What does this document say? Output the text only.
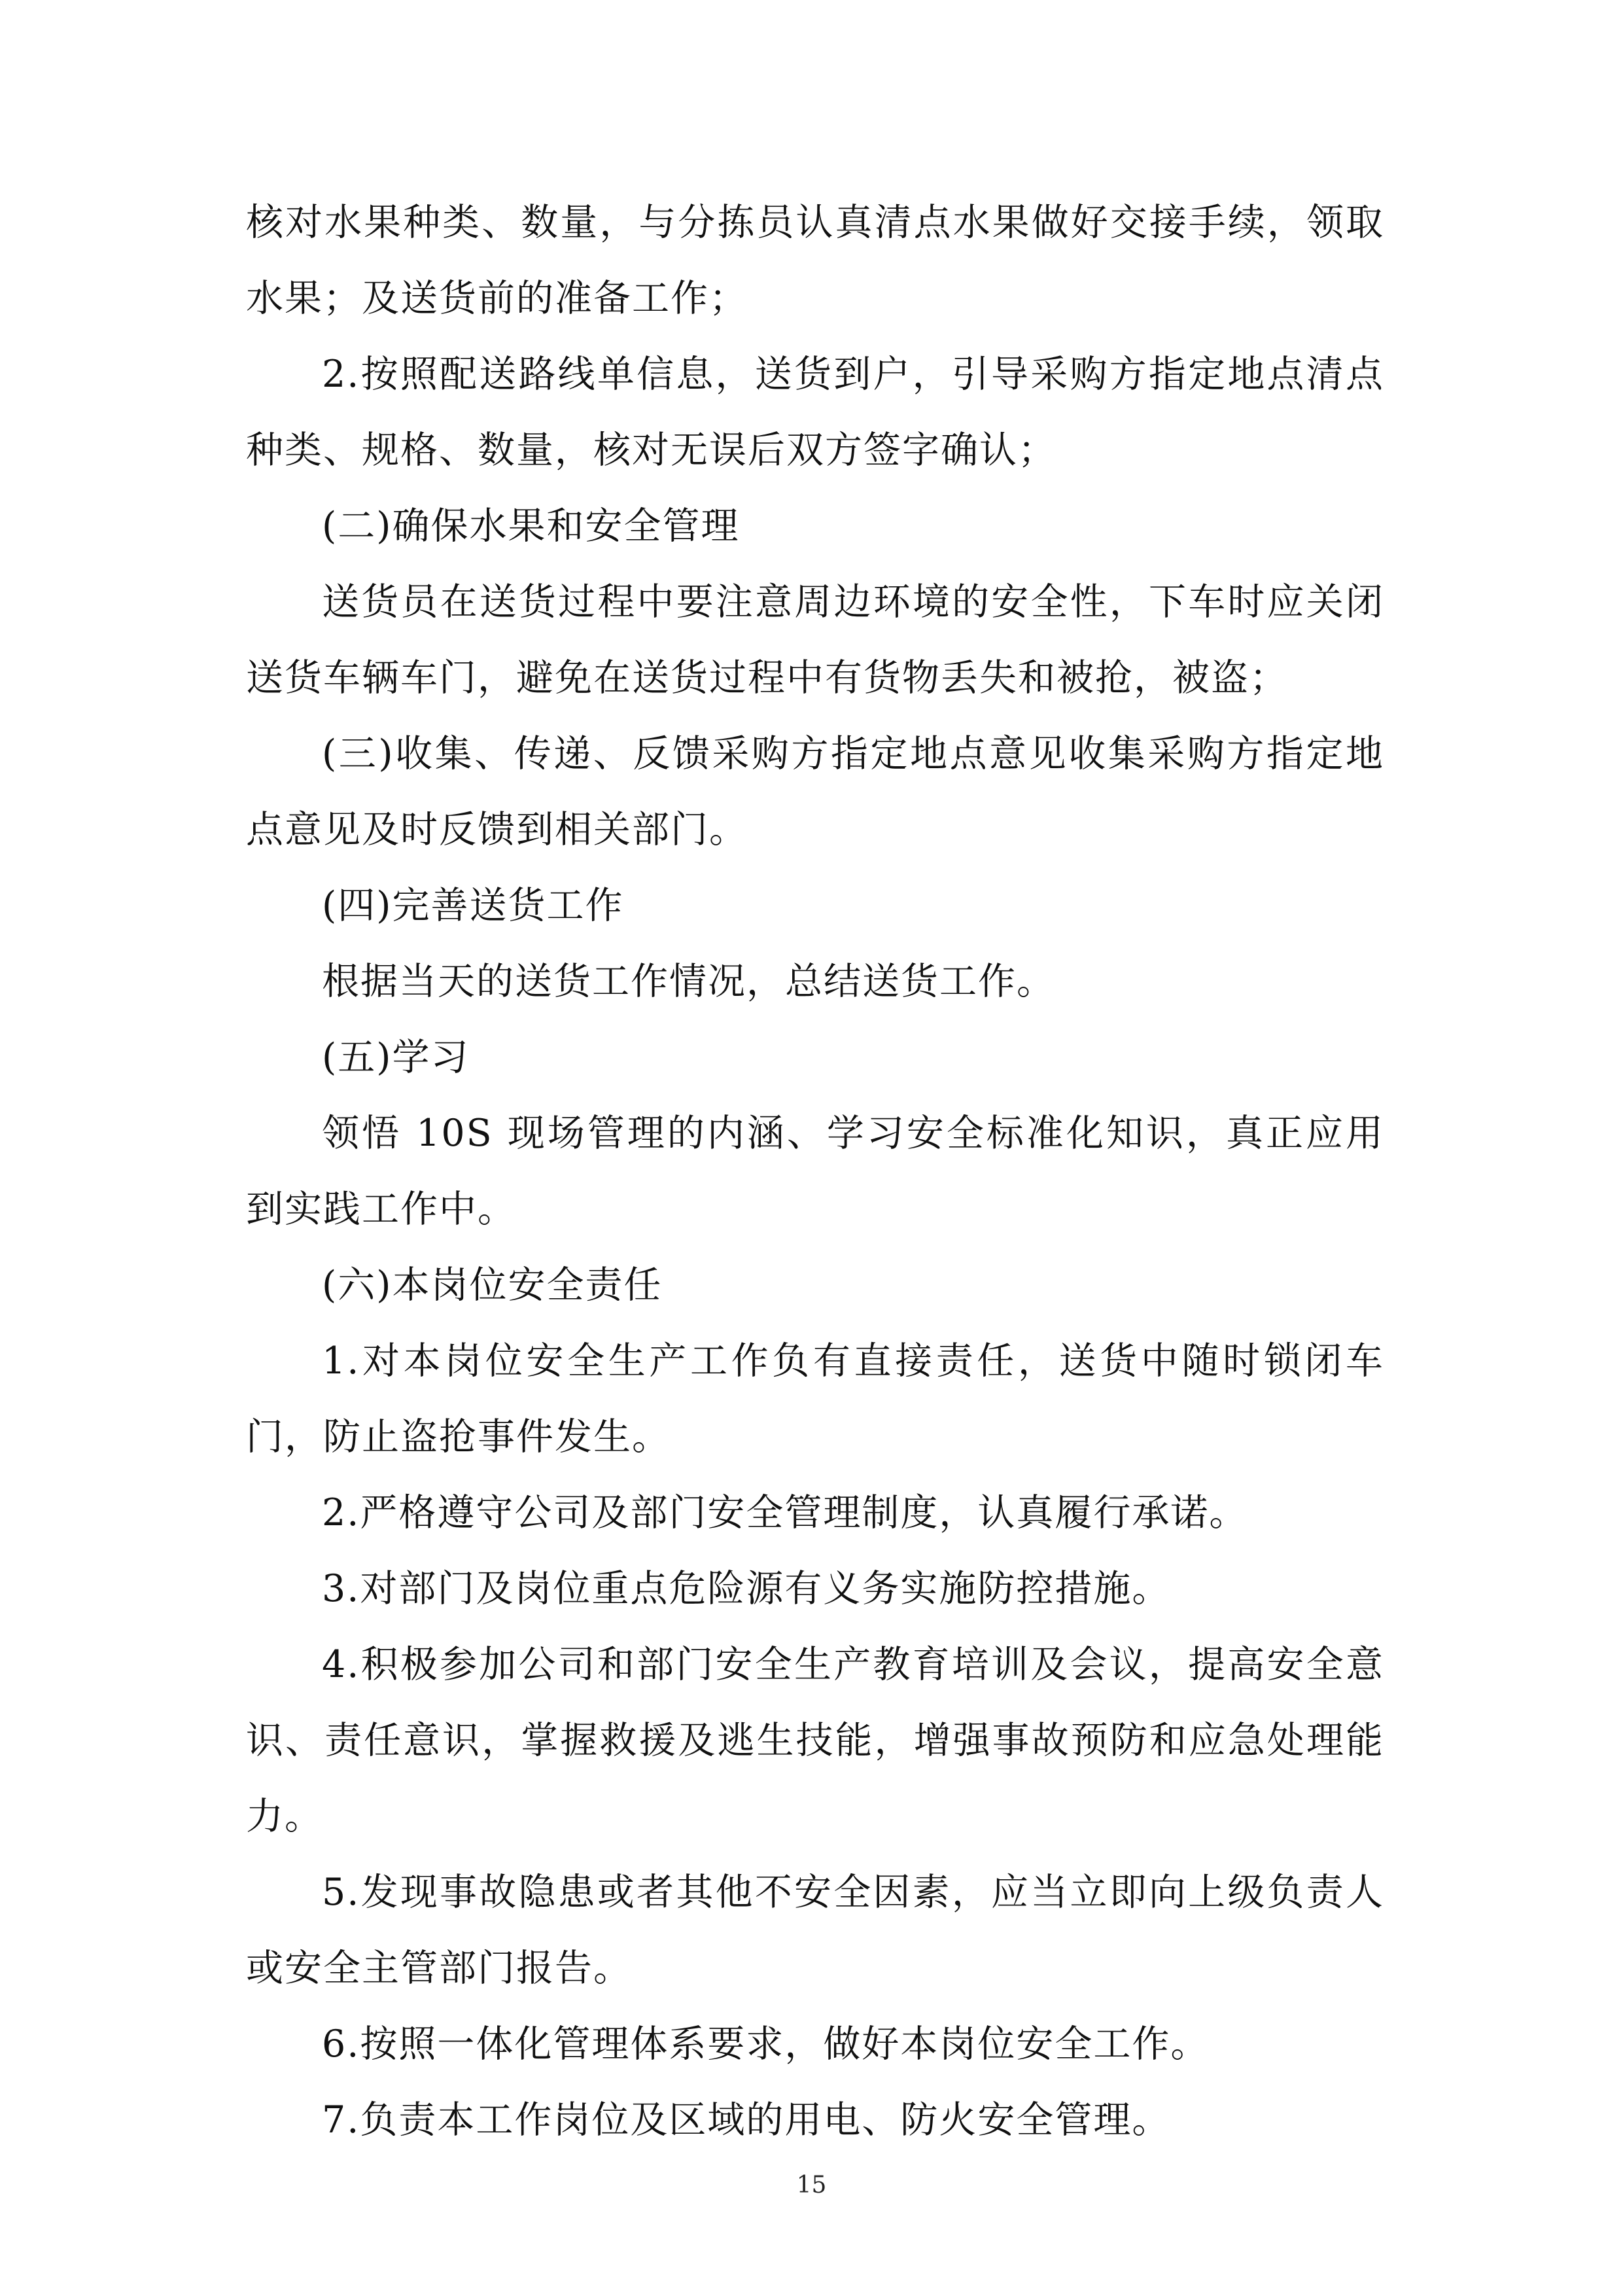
核对水果种类、数量，与分拣员认真清点水果做好交接手续，领取水果；及送货前的准备工作；

2.按照配送路线单信息，送货到户，引导采购方指定地点清点种类、规格、数量，核对无误后双方签字确认；

(二)确保水果和安全管理

送货员在送货过程中要注意周边环境的安全性，下车时应关闭送货车辆车门，避免在送货过程中有货物丢失和被抢，被盗；

(三)收集、传递、反馈采购方指定地点意见收集采购方指定地点意见及时反馈到相关部门。

(四)完善送货工作

根据当天的送货工作情况，总结送货工作。

(五)学习

领悟 10S 现场管理的内涵、学习安全标准化知识，真正应用到实践工作中。

(六)本岗位安全责任

1.对本岗位安全生产工作负有直接责任，送货中随时锁闭车门，防止盗抢事件发生。

2.严格遵守公司及部门安全管理制度，认真履行承诺。

3.对部门及岗位重点危险源有义务实施防控措施。

4.积极参加公司和部门安全生产教育培训及会议，提高安全意识、责任意识，掌握救援及逃生技能，增强事故预防和应急处理能力。

5.发现事故隐患或者其他不安全因素，应当立即向上级负责人或安全主管部门报告。

6.按照一体化管理体系要求，做好本岗位安全工作。

7.负责本工作岗位及区域的用电、防火安全管理。

15
